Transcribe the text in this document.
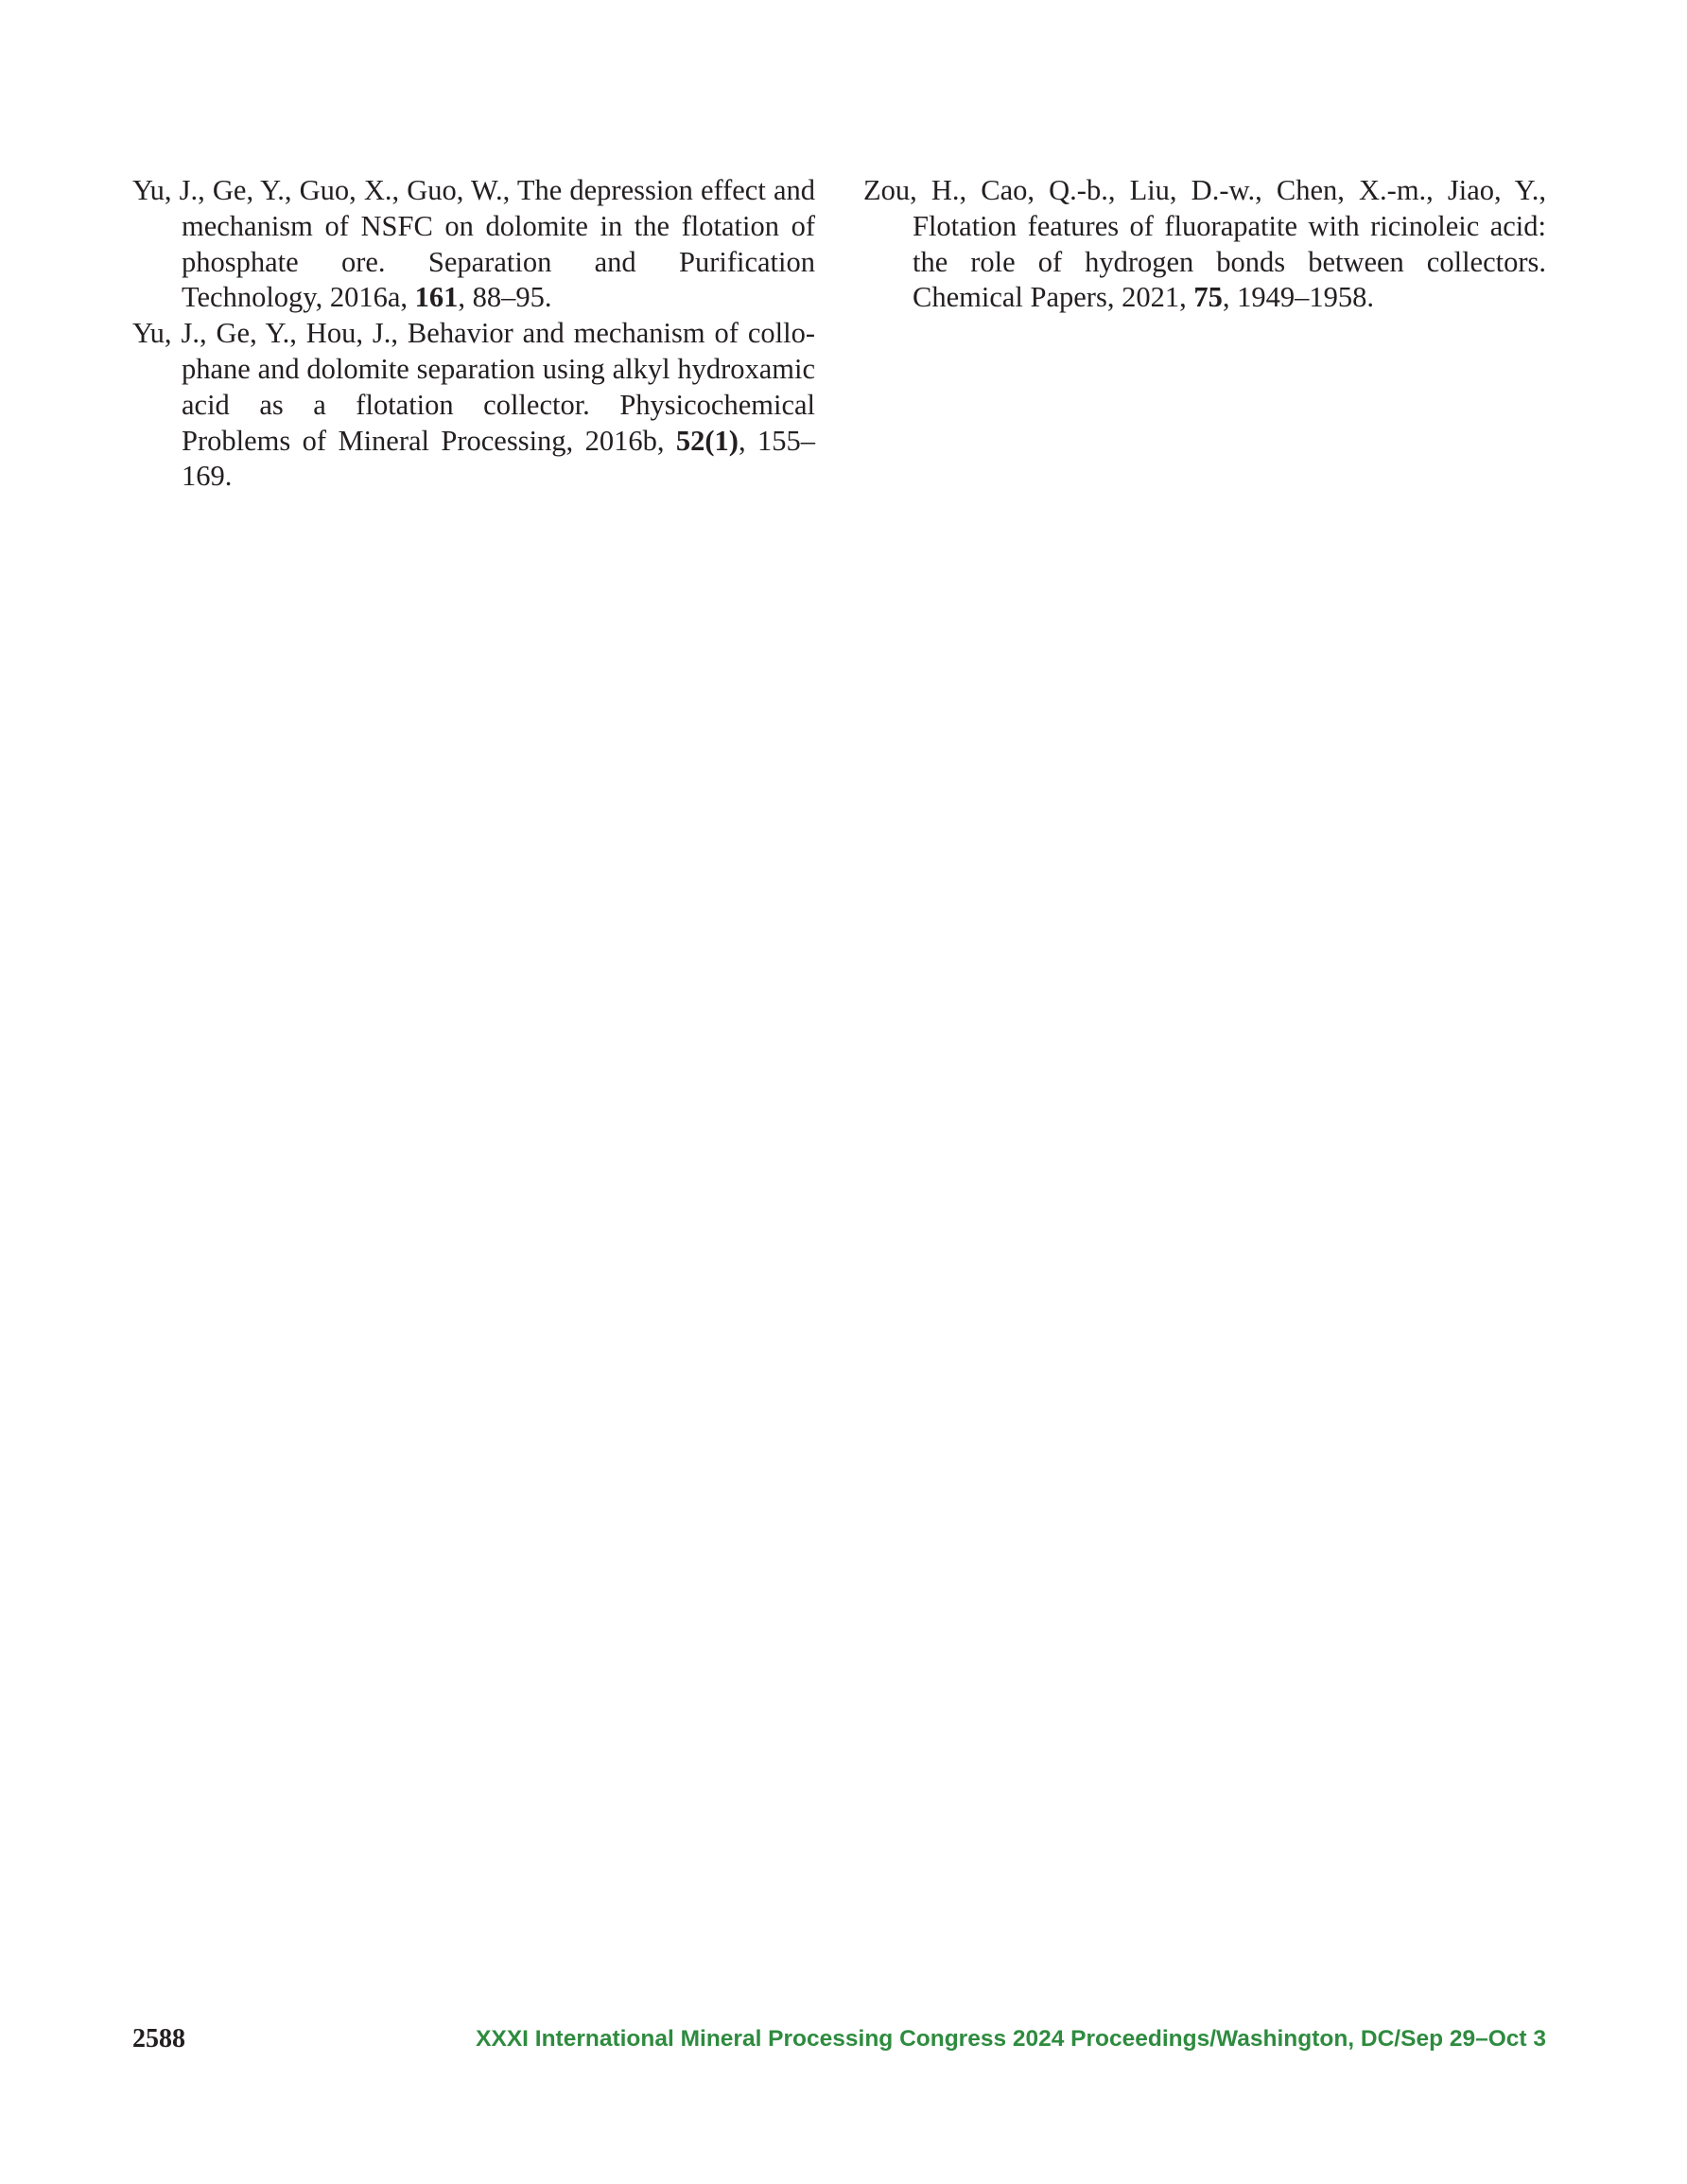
Yu, J., Ge, Y., Guo, X., Guo, W., The depression effect and mechanism of NSFC on dolomite in the flotation of phosphate ore. Separation and Purification Technology, 2016a, 161, 88–95.

Yu, J., Ge, Y., Hou, J., Behavior and mechanism of collophane and dolomite separation using alkyl hydroxamic acid as a flotation collector. Physicochemical Problems of Mineral Processing, 2016b, 52(1), 155–169.

Zou, H., Cao, Q.-b., Liu, D.-w., Chen, X.-m., Jiao, Y., Flotation features of fluorapatite with ricinoleic acid: the role of hydrogen bonds between collectors. Chemical Papers, 2021, 75, 1949–1958.

2588	XXXI International Mineral Processing Congress 2024 Proceedings/Washington, DC/Sep 29–Oct 3
